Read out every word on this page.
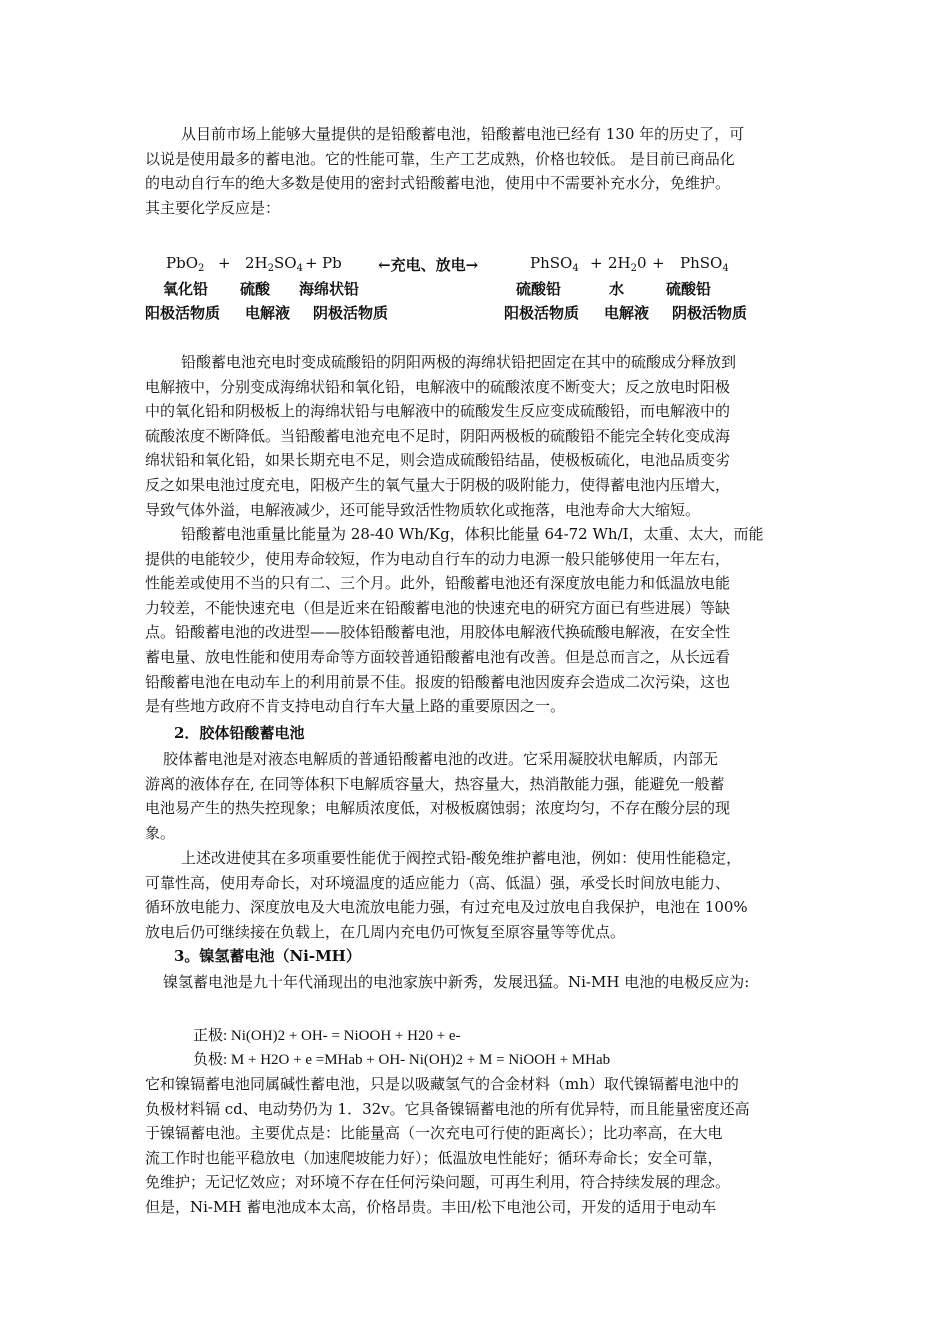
从目前市场上能够大量提供的是铅酸蓄电池，铅酸蓄电池已经有 130 年的历史了，可
以说是使用最多的蓄电池。它的性能可靠，生产工艺成熟，价格也较低。 是目前已商品化
的电动自行车的绝大多数是使用的密封式铅酸蓄电池，使用中不需要补充水分，免维护。
其主要化学反应是：
$PbO_2 + 2H_2SO_4 + Pb$ ←充电、放电→	PhSO$_4$ + $2H_20$ + PhSO$_4$
氧化铅 硫酸 海绵状铅	硫酸铅	水	硫酸铅
阳极活物质 电解液 阴极活物质	阳极活物质 电解液 阴极活物质
铅酸蓄电池充电时变成硫酸铅的阴阳两极的海绵状铅把固定在其中的硫酸成分释放到
电解掖中，分别变成海绵状铅和氧化铅，电解液中的硫酸浓度不断变大；反之放电时阳极
中的氧化铅和阴极板上的海绵状铅与电解液中的硫酸发生反应变成硫酸铅，而电解液中的
硫酸浓度不断降低。当铅酸蓄电池充电不足时，阴阳两极板的硫酸铅不能完全转化变成海
绵状铅和氧化铅，如果长期充电不足，则会造成硫酸铅结晶，使极板硫化，电池品质变劣
反之如果电池过度充电，阳极产生的氧气量大于阴极的吸附能力，使得蓄电池内压增大，
导致气体外溢，电解液减少，还可能导致活性物质软化或拖落，电池寿命大大缩短。
铅酸蓄电池重量比能量为 28-40 Wh/Kg，体积比能量 64-72 Wh/I，太重、太大，而能
提供的电能较少，使用寿命较短，作为电动自行车的动力电源一般只能够使用一年左右，
性能差或使用不当的只有二、三个月。此外，铅酸蓄电池还有深度放电能力和低温放电能
力较差，不能快速充电（但是近来在铅酸蓄电池的快速充电的研究方面已有些进展）等缺
点。铅酸蓄电池的改进型——胶体铅酸蓄电池，用胶体电解液代换硫酸电解液，在安全性
蓄电量、放电性能和使用寿命等方面较普通铅酸蓄电池有改善。但是总而言之，从长远看
铅酸蓄电池在电动车上的利用前景不佳。报废的铅酸蓄电池因废弃会造成二次污染，这也
是有些地方政府不肯支持电动自行车大量上路的重要原因之一。
2．胶体铅酸蓄电池
胶体蓄电池是对液态电解质的普通铅酸蓄电池的改进。它采用凝胶状电解质，内部无
游离的液体存在, 在同等体积下电解质容量大，热容量大，热消散能力强，能避免一般蓄
电池易产生的热失控现象；电解质浓度低，对极板腐蚀弱；浓度均匀，不存在酸分层的现
象。
上述改进使其在多项重要性能优于阀控式铅-酸免维护蓄电池，例如：使用性能稳定，
可靠性高，使用寿命长，对环境温度的适应能力（高、低温）强，承受长时间放电能力、
循环放电能力、深度放电及大电流放电能力强，有过充电及过放电自我保护，电池在 100%
放电后仍可继续接在负载上，在几周内充电仍可恢复至原容量等等优点。
3。镍氢蓄电池（Ni-MH）
镍氢蓄电池是九十年代涌现出的电池家族中新秀，发展迅猛。Ni-MH 电池的电极反应为:
正极: Ni(OH)2 + OH- = NiOOH + H20 + e-
负极: M + H2O + e =MHab + OH- Ni(OH)2 + M = NiOOH + MHab
它和镍镉蓄电池同属碱性蓄电池，只是以吸藏氢气的合金材料（mh）取代镍镉蓄电池中的
负极材料镉 cd、电动势仍为 1．32v。它具备镍镉蓄电池的所有优异特，而且能量密度还高
于镍镉蓄电池。主要优点是：比能量高（一次充电可行使的距离长）；比功率高，在大电
流工作时也能平稳放电（加速爬坡能力好）；低温放电性能好；循环寿命长；安全可靠，
免维护；无记忆效应；对环境不存在任何污染问题，可再生利用，符合持续发展的理念。
但是，Ni-MH 蓄电池成本太高，价格昂贵。丰田/松下电池公司，开发的适用于电动车
